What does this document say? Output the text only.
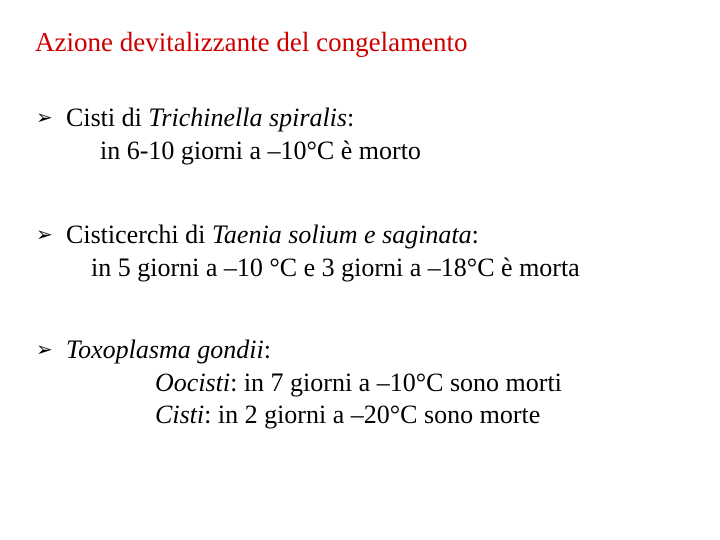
Azione devitalizzante del congelamento
➢ Cisti di Trichinella spiralis:
in 6-10 giorni a –10°C è morto
➢ Cisticerchi di Taenia solium e saginata:
in 5 giorni a –10 °C e 3 giorni a –18°C è morta
➢ Toxoplasma gondii:
Oocisti: in 7 giorni a –10°C sono morti
Cisti: in 2 giorni a –20°C sono morte
